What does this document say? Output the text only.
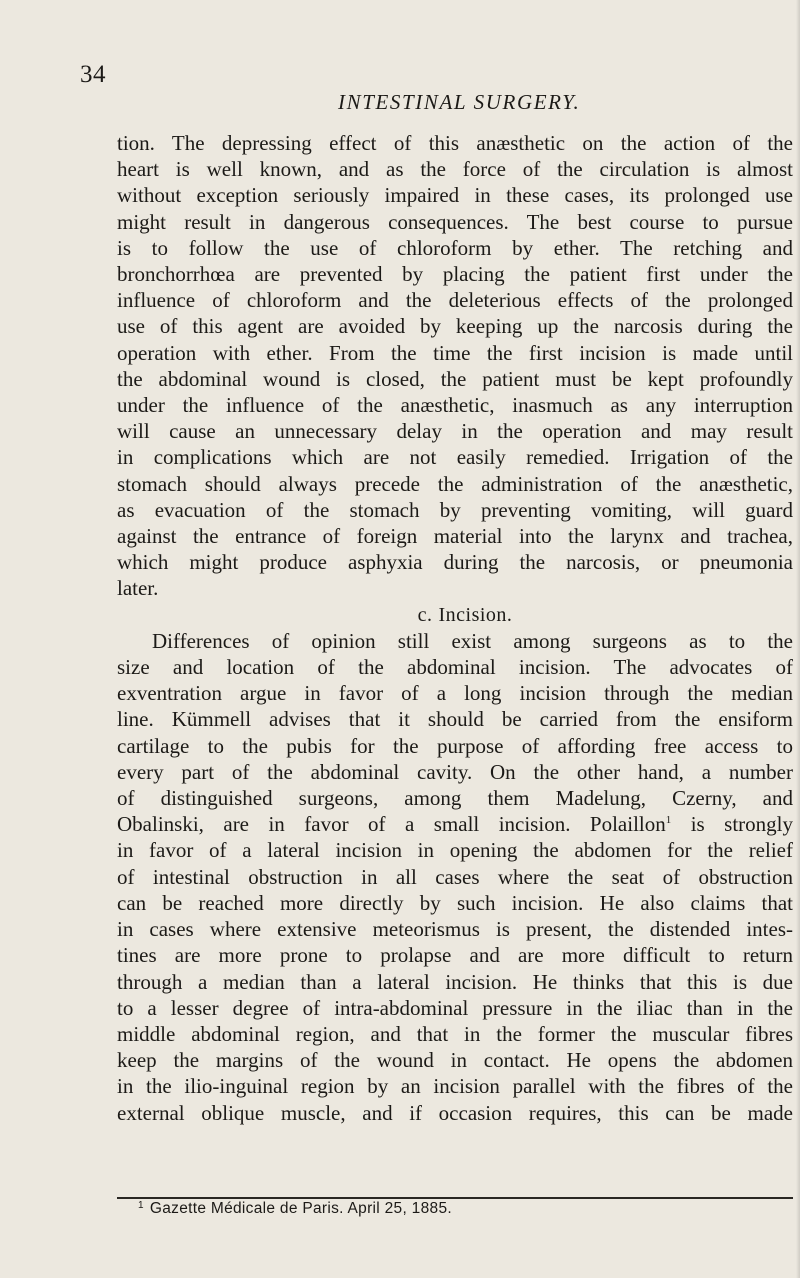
34
INTESTINAL SURGERY.
tion. The depressing effect of this anæsthetic on the action of the
heart is well known, and as the force of the circulation is almost
without exception seriously impaired in these cases, its prolonged use
might result in dangerous consequences. The best course to pursue
is to follow the use of chloroform by ether. The retching and
bronchorrhœa are prevented by placing the patient first under the
influence of chloroform and the deleterious effects of the prolonged
use of this agent are avoided by keeping up the narcosis during the
operation with ether. From the time the first incision is made until
the abdominal wound is closed, the patient must be kept profoundly
under the influence of the anæsthetic, inasmuch as any interruption
will cause an unnecessary delay in the operation and may result
in complications which are not easily remedied. Irrigation of the
stomach should always precede the administration of the anæsthetic,
as evacuation of the stomach by preventing vomiting, will guard
against the entrance of foreign material into the larynx and trachea,
which might produce asphyxia during the narcosis, or pneumonia
later.
c. Incision.
Differences of opinion still exist among surgeons as to the
size and location of the abdominal incision. The advocates of
exventration argue in favor of a long incision through the median
line. Kümmell advises that it should be carried from the ensiform
cartilage to the pubis for the purpose of affording free access to
every part of the abdominal cavity. On the other hand, a number
of distinguished surgeons, among them Madelung, Czerny, and
Obalinski, are in favor of a small incision. Polaillon$^1$ is strongly
in favor of a lateral incision in opening the abdomen for the relief
of intestinal obstruction in all cases where the seat of obstruction
can be reached more directly by such incision. He also claims that
in cases where extensive meteorismus is present, the distended intes-
tines are more prone to prolapse and are more difficult to return
through a median than a lateral incision. He thinks that this is due
to a lesser degree of intra-abdominal pressure in the iliac than in the
middle abdominal region, and that in the former the muscular fibres
keep the margins of the wound in contact. He opens the abdomen
in the ilio-inguinal region by an incision parallel with the fibres of the
external oblique muscle, and if occasion requires, this can be made
$^1$ Gazette Médicale de Paris. April 25, 1885.
